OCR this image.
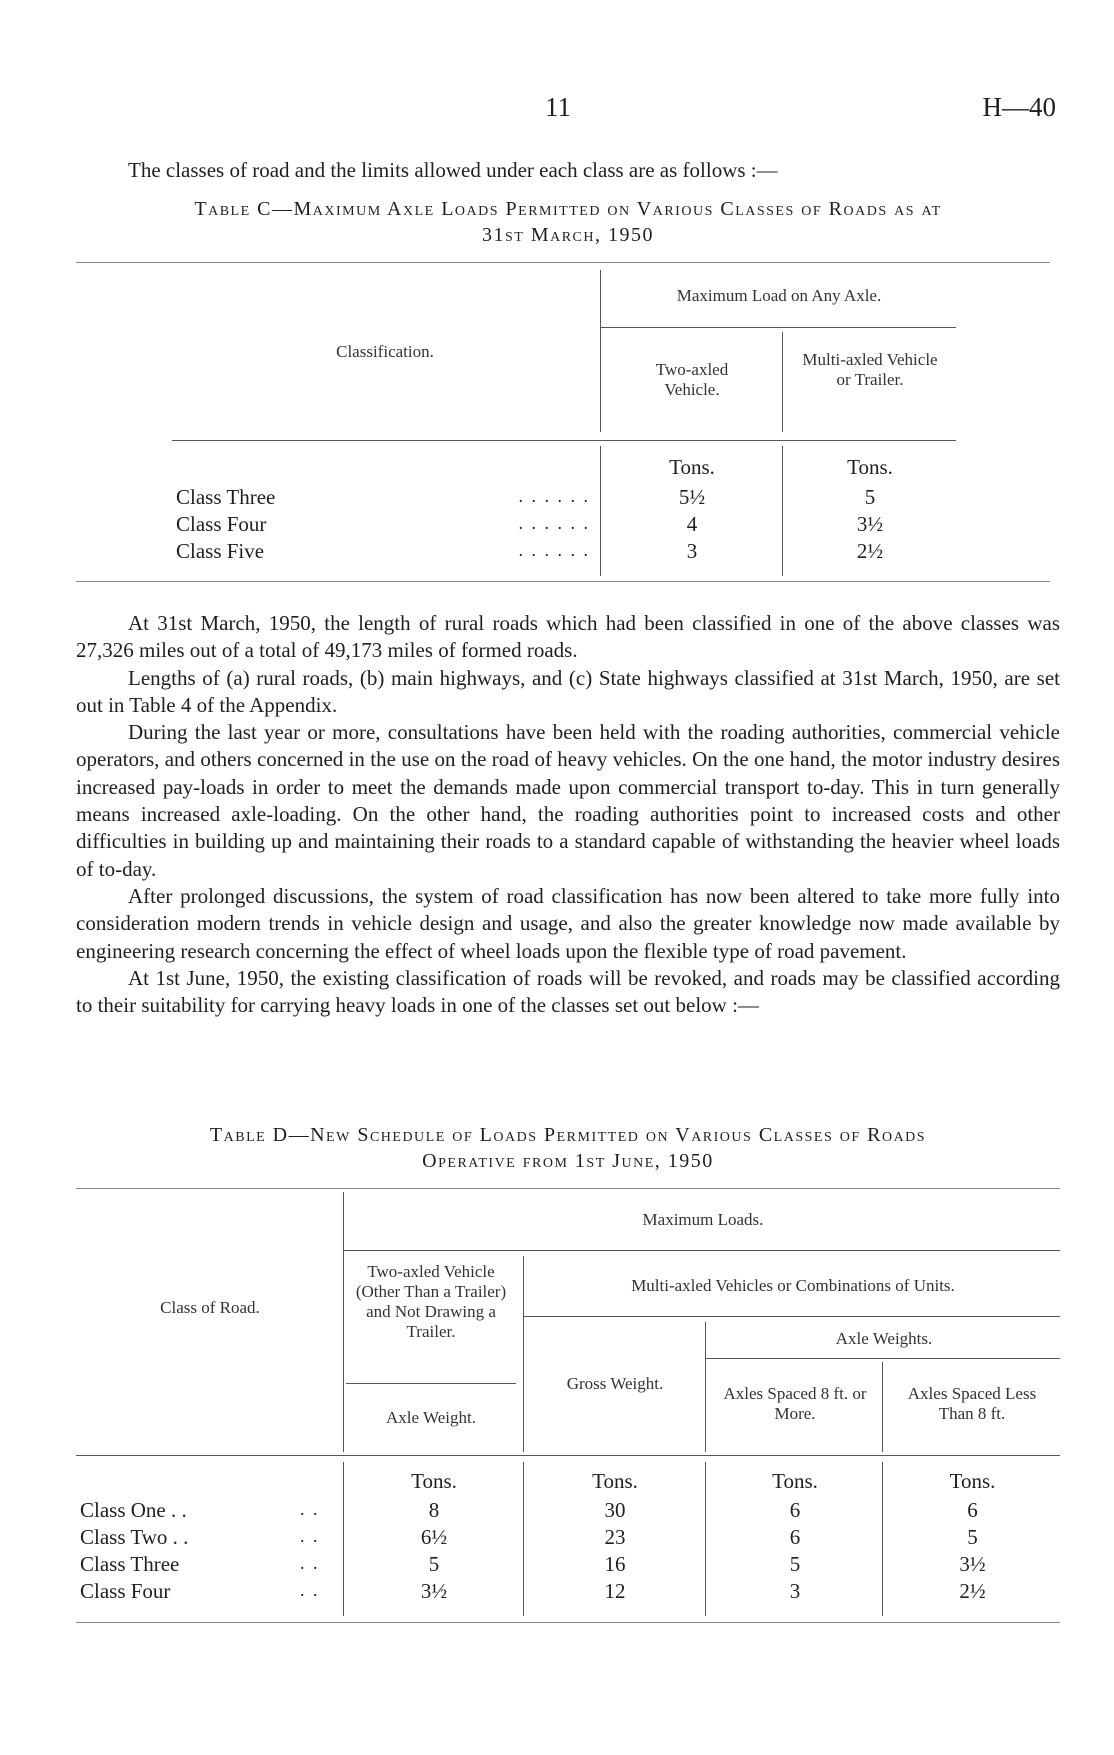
11	H—40
The classes of road and the limits allowed under each class are as follows :—
Table C—Maximum Axle Loads Permitted on Various Classes of Roads as at
31st March, 1950
Classification.
Maximum Load on Any Axle.
Two-axled Vehicle.
Multi-axled Vehicle or Trailer.
Tons.	Tons.
Class Three	. . . . . .	5½	5
Class Four	. . . . . .	4	3½
Class Five	. . . . . .	3	2½

At 31st March, 1950, the length of rural roads which had been classified in one of the above classes was 27,326 miles out of a total of 49,173 miles of formed roads.

Lengths of (a) rural roads, (b) main highways, and (c) State highways classified at 31st March, 1950, are set out in Table 4 of the Appendix.

During the last year or more, consultations have been held with the roading authorities, commercial vehicle operators, and others concerned in the use on the road of heavy vehicles. On the one hand, the motor industry desires increased pay-loads in order to meet the demands made upon commercial transport to-day. This in turn generally means increased axle-loading. On the other hand, the roading authorities point to increased costs and other difficulties in building up and maintaining their roads to a standard capable of withstanding the heavier wheel loads of to-day.

After prolonged discussions, the system of road classification has now been altered to take more fully into consideration modern trends in vehicle design and usage, and also the greater knowledge now made available by engineering research concerning the effect of wheel loads upon the flexible type of road pavement.

At 1st June, 1950, the existing classification of roads will be revoked, and roads may be classified according to their suitability for carrying heavy loads in one of the classes set out below :—

Table D—New Schedule of Loads Permitted on Various Classes of Roads
Operative from 1st June, 1950
Class of Road.
Maximum Loads.
Two-axled Vehicle (Other Than a Trailer) and Not Drawing a Trailer.
Axle Weight.
Multi-axled Vehicles or Combinations of Units.
Gross Weight.
Axle Weights.
Axles Spaced 8 ft. or More.
Axles Spaced Less Than 8 ft.
Tons.	Tons.	Tons.	Tons.
Class One . .	. .	8	30	6	6
Class Two . .	. .	6½	23	6	5
Class Three	. .	5	16	5	3½
Class Four	. .	3½	12	3	2½
